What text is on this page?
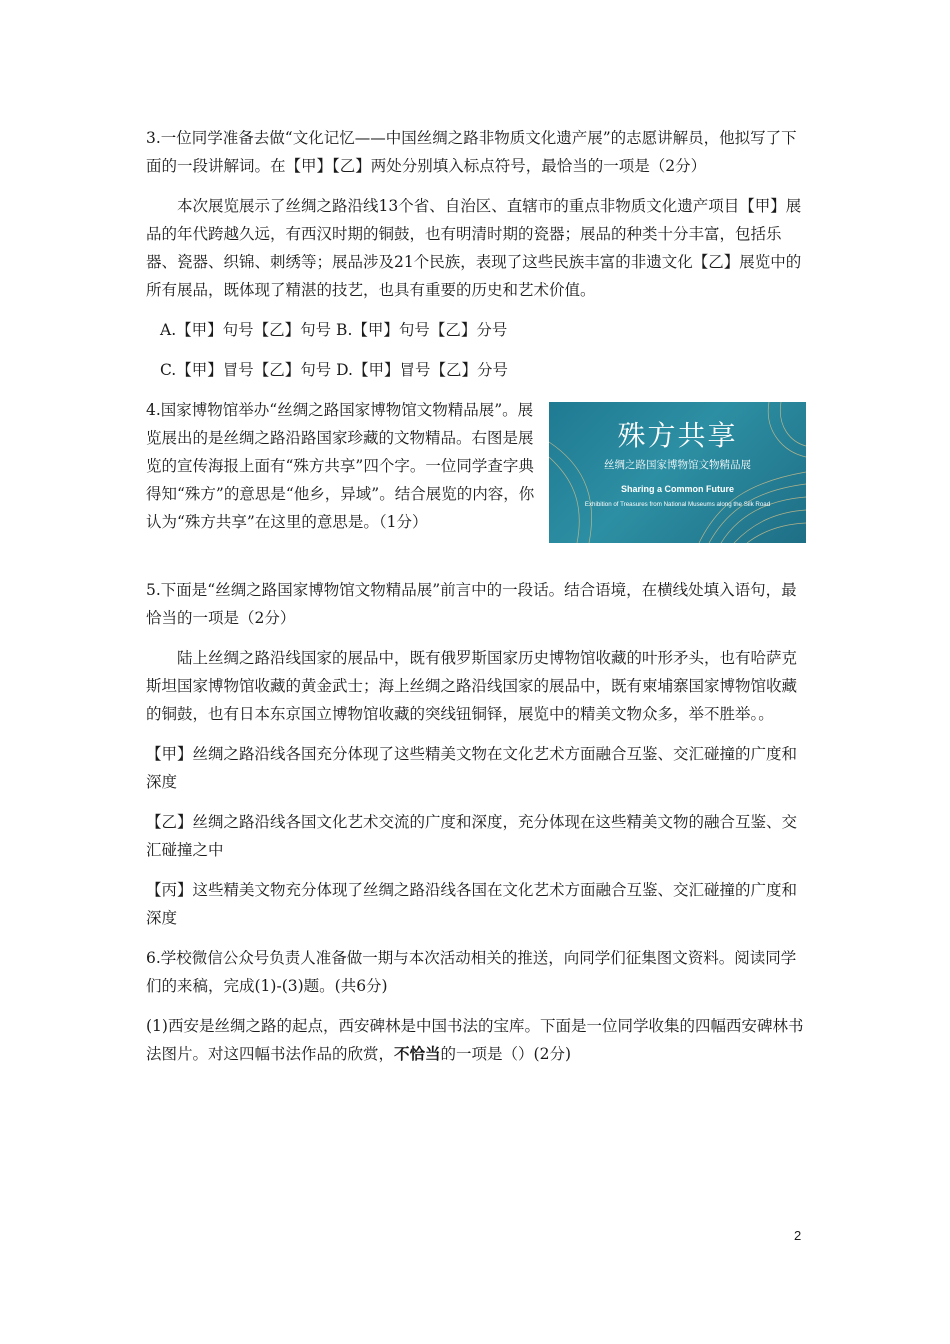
3.一位同学准备去做“文化记忆——中国丝绸之路非物质文化遗产展”的志愿讲解员，他拟写了下面的一段讲解词。在【甲】【乙】两处分别填入标点符号，最恰当的一项是（2分）

本次展览展示了丝绸之路沿线13个省、自治区、直辖市的重点非物质文化遗产项目【甲】展品的年代跨越久远，有西汉时期的铜鼓，也有明清时期的瓷器；展品的种类十分丰富，包括乐器、瓷器、织锦、刺绣等；展品涉及21个民族，表现了这些民族丰富的非遗文化【乙】展览中的所有展品，既体现了精湛的技艺，也具有重要的历史和艺术价值。

A.【甲】句号【乙】句号 B.【甲】句号【乙】分号

C.【甲】冒号【乙】句号 D.【甲】冒号【乙】分号

4.国家博物馆举办“丝绸之路国家博物馆文物精品展”。展览展出的是丝绸之路沿路国家珍藏的文物精品。右图是展览的宣传海报上面有“殊方共享”四个字。一位同学查字典得知“殊方”的意思是“他乡，异域”。结合展览的内容，你认为“殊方共享”在这里的意思是。（1分）

殊方共享
丝绸之路国家博物馆文物精品展
Sharing a Common Future
Exhibition of Treasures from National Museums along the Silk Road

5.下面是“丝绸之路国家博物馆文物精品展”前言中的一段话。结合语境，在横线处填入语句，最恰当的一项是（2分）

陆上丝绸之路沿线国家的展品中，既有俄罗斯国家历史博物馆收藏的叶形矛头，也有哈萨克斯坦国家博物馆收藏的黄金武士；海上丝绸之路沿线国家的展品中，既有柬埔寨国家博物馆收藏的铜鼓，也有日本东京国立博物馆收藏的突线钮铜铎，展览中的精美文物众多，举不胜举。。

【甲】丝绸之路沿线各国充分体现了这些精美文物在文化艺术方面融合互鉴、交汇碰撞的广度和深度

【乙】丝绸之路沿线各国文化艺术交流的广度和深度，充分体现在这些精美文物的融合互鉴、交汇碰撞之中

【丙】这些精美文物充分体现了丝绸之路沿线各国在文化艺术方面融合互鉴、交汇碰撞的广度和深度

6.学校微信公众号负责人准备做一期与本次活动相关的推送，向同学们征集图文资料。阅读同学们的来稿，完成(1)-(3)题。(共6分)

(1)西安是丝绸之路的起点，西安碑林是中国书法的宝库。下面是一位同学收集的四幅西安碑林书法图片。对这四幅书法作品的欣赏，不恰当的一项是（）(2分)

2
